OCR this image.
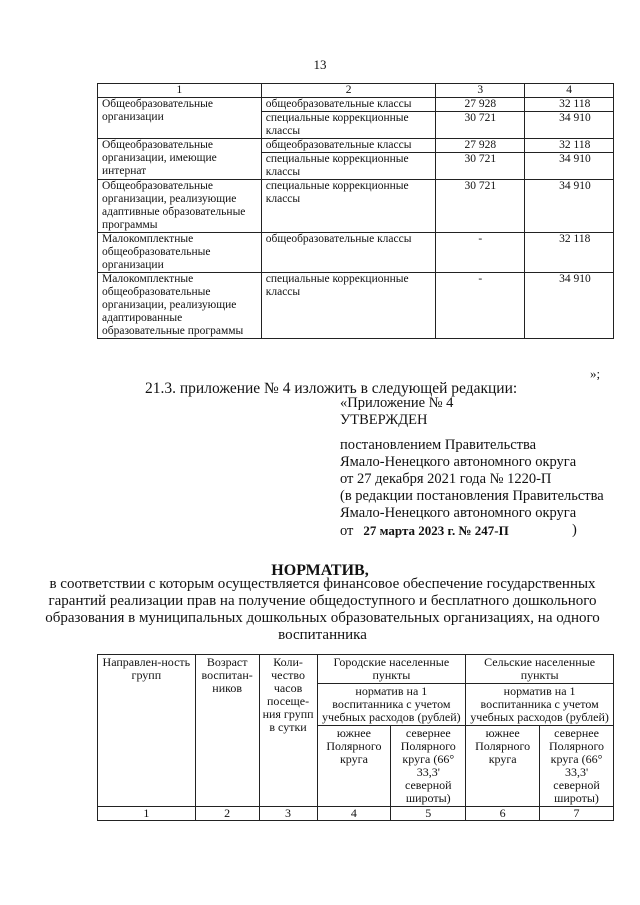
13
1	2	3	4
Общеобразовательные организации	общеобразовательные классы	27 928	32 118
	специальные коррекционные классы	30 721	34 910
Общеобразовательные организации, имеющие интернат	общеобразовательные классы	27 928	32 118
	специальные коррекционные классы	30 721	34 910
Общеобразовательные организации, реализующие адаптивные образовательные программы	специальные коррекционные классы	30 721	34 910
Малокомплектные общеобразовательные организации	общеобразовательные классы	-	32 118
Малокомплектные общеобразовательные организации, реализующие адаптированные образовательные программы	специальные коррекционные классы	-	34 910
»;
21.3. приложение № 4 изложить в следующей редакции:
«Приложение № 4
УТВЕРЖДЕН
постановлением Правительства
Ямало-Ненецкого автономного округа
от 27 декабря 2021 года № 1220-П
(в редакции постановления Правительства
Ямало-Ненецкого автономного округа
от 27 марта 2023 г. № 247-П	)
НОРМАТИВ,
в соответствии с которым осуществляется финансовое обеспечение государственных гарантий реализации прав на получение общедоступного и бесплатного дошкольного образования в муниципальных дошкольных образовательных организациях, на одного воспитанника
Направлен-ность групп	Возраст воспитан-ников	Коли-чество часов посеще-ния групп в сутки	Городские населенные пункты		Сельские населенные пункты	
			норматив на 1 воспитанника с учетом учебных расходов (рублей)		норматив на 1 воспитанника с учетом учебных расходов (рублей)	
			южнее Полярного круга	севернее Полярного круга (66° 33,3' северной широты)	южнее Полярного круга	севернее Полярного круга (66° 33,3' северной широты)
1	2	3	4	5	6	7
